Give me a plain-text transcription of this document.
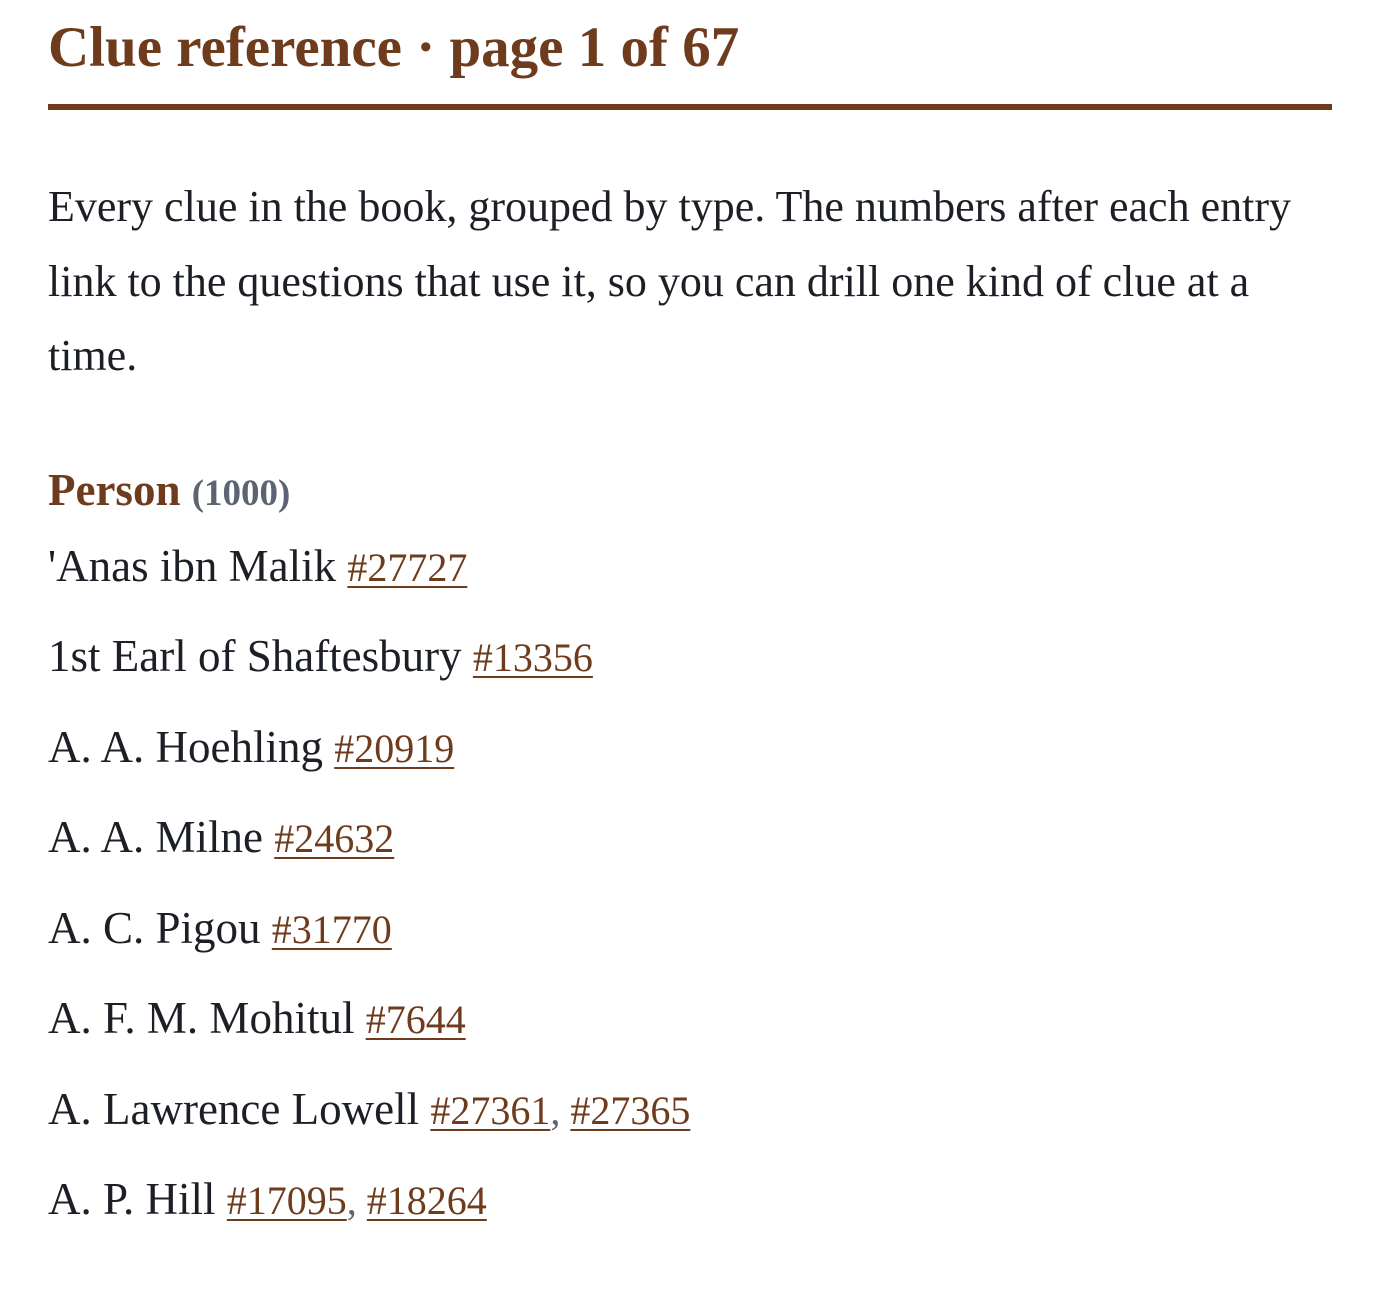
Clue reference · page 1 of 67

Every clue in the book, grouped by type. The numbers after each entry link to the questions that use it, so you can drill one kind of clue at a time.

Person (1000)
'Anas ibn Malik #27727
1st Earl of Shaftesbury #13356
A. A. Hoehling #20919
A. A. Milne #24632
A. C. Pigou #31770
A. F. M. Mohitul #7644
A. Lawrence Lowell #27361, #27365
A. P. Hill #17095, #18264
